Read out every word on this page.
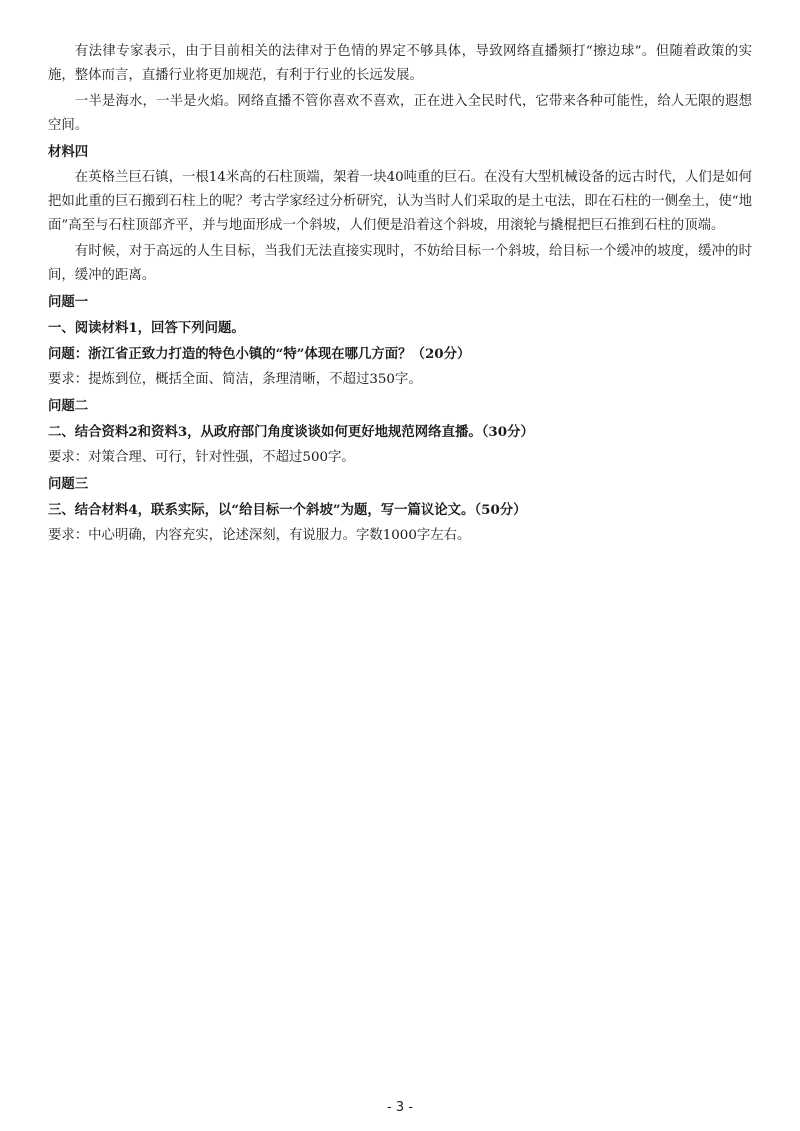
有法律专家表示，由于目前相关的法律对于色情的界定不够具体，导致网络直播频打“擦边球”。但随着政策的实施，整体而言，直播行业将更加规范，有利于行业的长远发展。

一半是海水，一半是火焰。网络直播不管你喜欢不喜欢，正在进入全民时代，它带来各种可能性，给人无限的遐想空间。

材料四

在英格兰巨石镇，一根14米高的石柱顶端，架着一块40吨重的巨石。在没有大型机械设备的远古时代，人们是如何把如此重的巨石搬到石柱上的呢？考古学家经过分析研究，认为当时人们采取的是土屯法，即在石柱的一侧垒土，使“地面”高至与石柱顶部齐平，并与地面形成一个斜坡，人们便是沿着这个斜坡，用滚轮与撬棍把巨石推到石柱的顶端。

有时候，对于高远的人生目标，当我们无法直接实现时，不妨给目标一个斜坡，给目标一个缓冲的坡度，缓冲的时间，缓冲的距离。

问题一

一、阅读材料1，回答下列问题。

问题：浙江省正致力打造的特色小镇的“特”体现在哪几方面？（20分）

要求：提炼到位，概括全面、简洁，条理清晰，不超过350字。

问题二

二、结合资料2和资料3，从政府部门角度谈谈如何更好地规范网络直播。（30分）

要求：对策合理、可行，针对性强，不超过500字。

问题三

三、结合材料4，联系实际，以“给目标一个斜坡”为题，写一篇议论文。（50分）

要求：中心明确，内容充实，论述深刻，有说服力。字数1000字左右。

- 3 -
